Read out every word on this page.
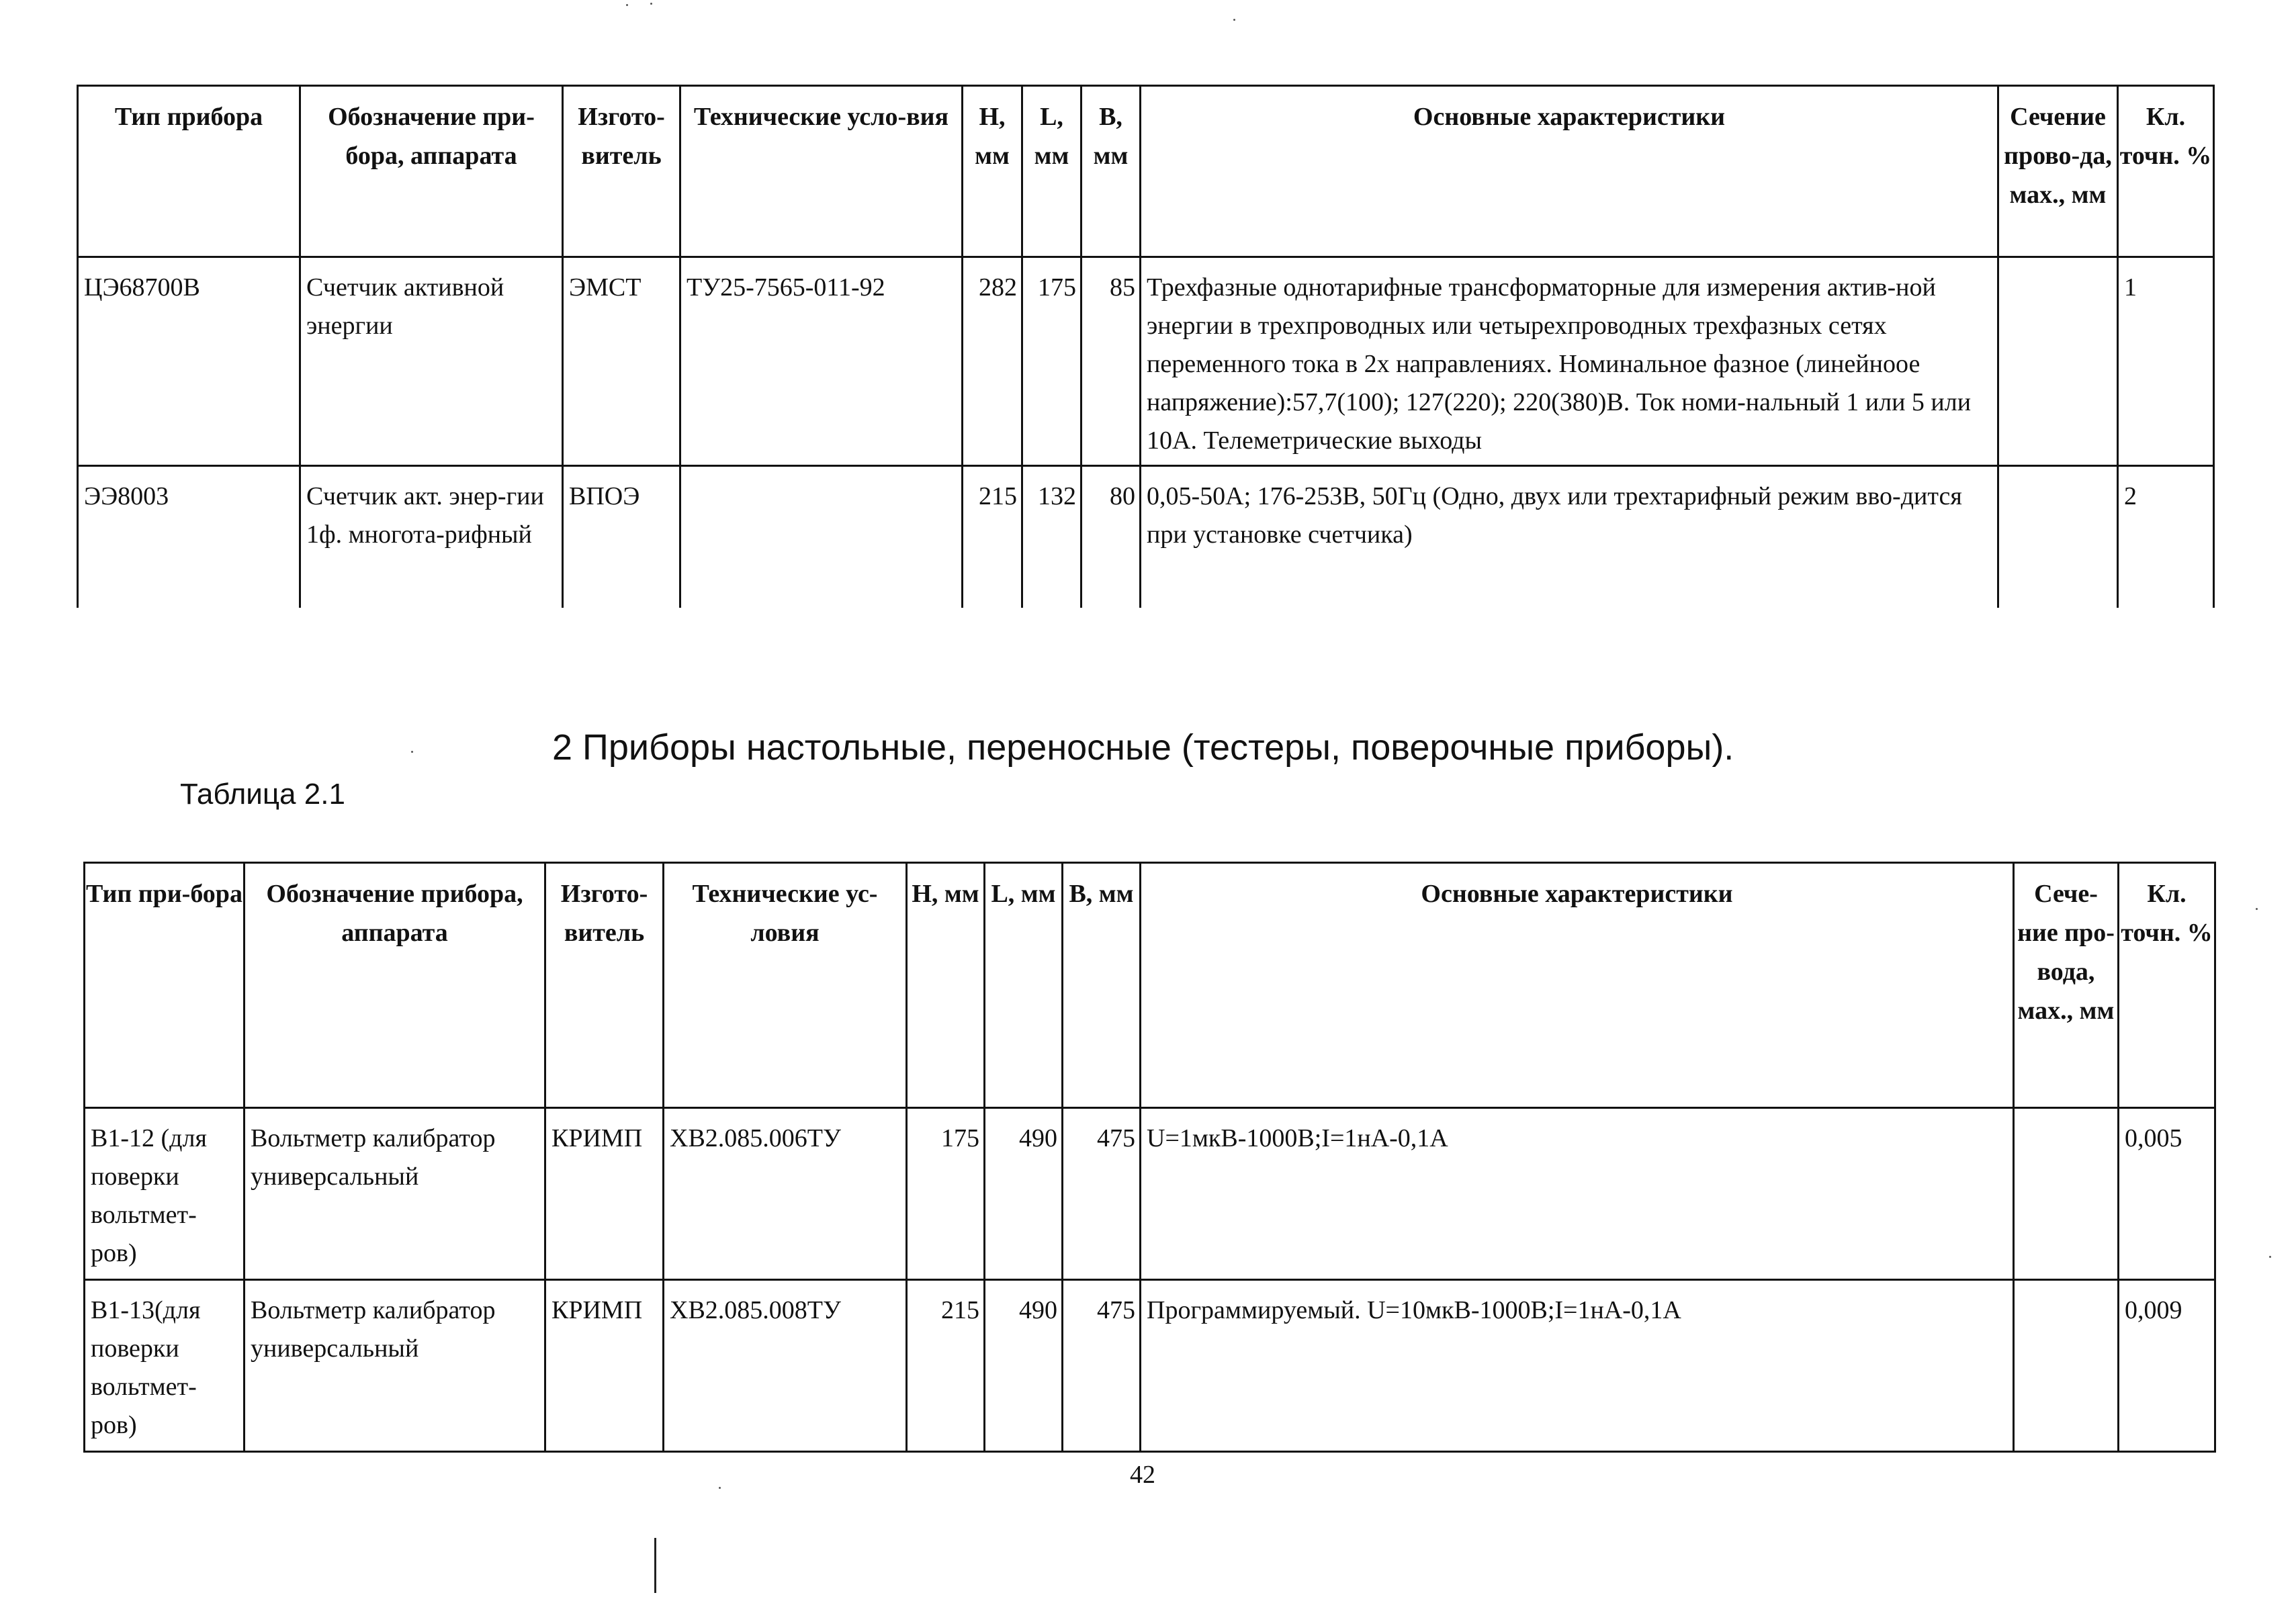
Тип прибора	Обозначение при-бора, аппарата	Изгото-витель	Технические усло-вия	H, мм	L, мм	B, мм	Основные характеристики	Сечение прово-да, мах., мм	Кл. точн. %
ЦЭ68700В	Счетчик активной энергии	ЭМСТ	ТУ25-7565-011-92	282	175	85	Трехфазные однотарифные трансформаторные для измерения актив-ной энергии в трехпроводных или четырехпроводных трехфазных сетях переменного тока в 2х направлениях. Номинальное фазное (линейноое напряжение):57,7(100); 127(220); 220(380)В. Ток номи-нальный 1 или 5 или 10А. Телеметрические выходы		1
ЭЭ8003	Счетчик акт. энер-гии 1ф. многота-рифный	ВПОЭ		215	132	80	0,05-50А; 176-253В, 50Гц (Одно, двух или трехтарифный режим вво-дится при установке счетчика)		2
2 Приборы настольные, переносные (тестеры, поверочные приборы).
Таблица 2.1
Тип при-бора	Обозначение прибора, аппарата	Изгото-витель	Технические ус-ловия	H, мм	L, мм	B, мм	Основные характеристики	Сече-ние про-вода, мах., мм	Кл. точн. %
В1-12 (для поверки вольтмет-ров)	Вольтметр калибратор универсальный	КРИМП	ХВ2.085.006ТУ	175	490	475	U=1мкВ-1000В;I=1нА-0,1А		0,005
В1-13(для поверки вольтмет-ров)	Вольтметр калибратор универсальный	КРИМП	ХВ2.085.008ТУ	215	490	475	Программируемый. U=10мкВ-1000В;I=1нА-0,1А		0,009
42
